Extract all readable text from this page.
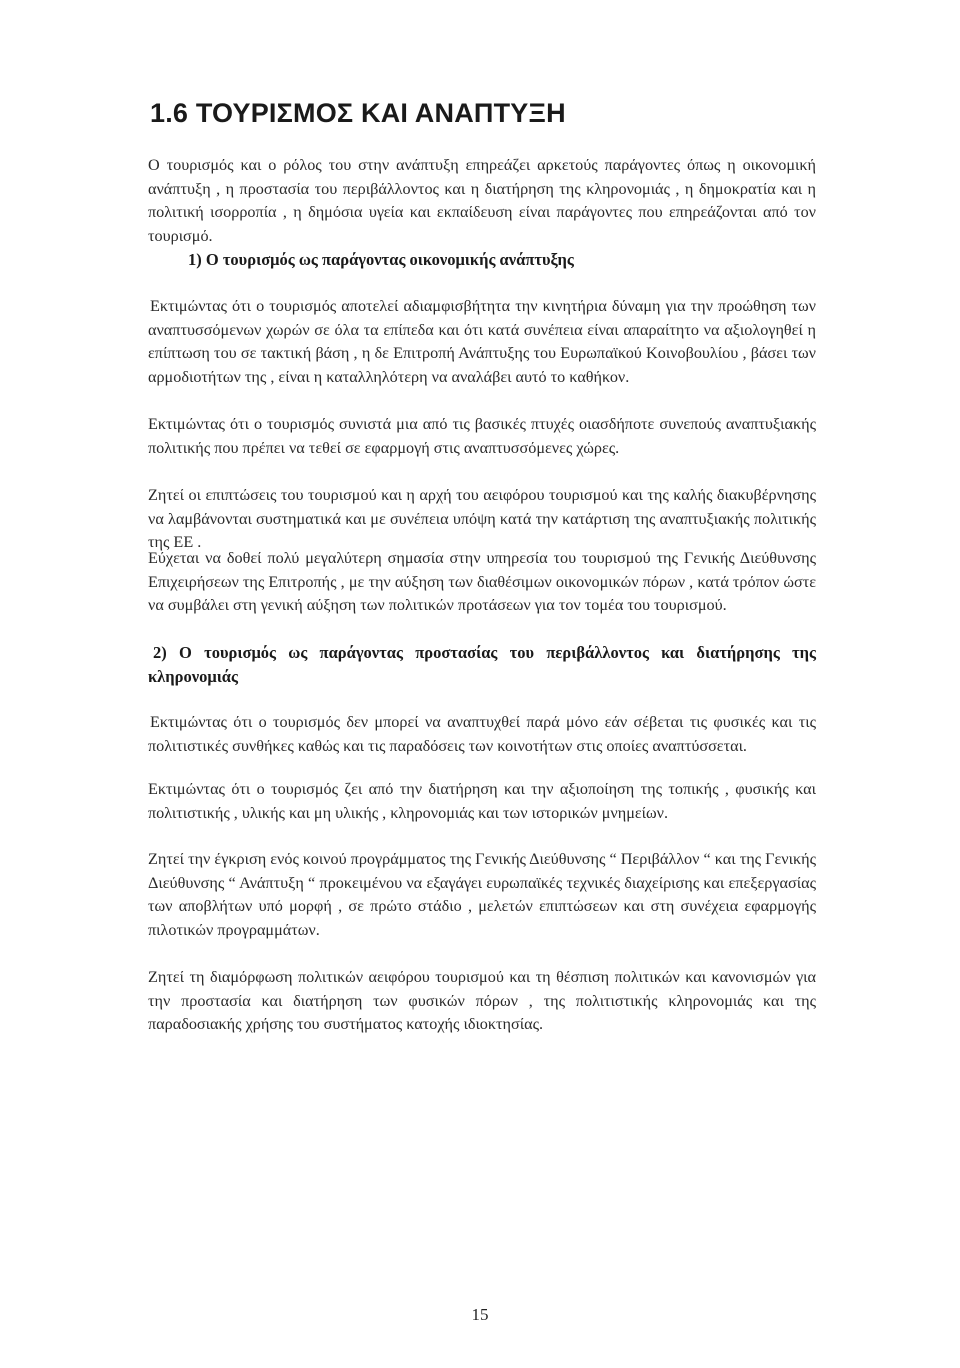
1.6 ΤΟΥΡΙΣΜΟΣ ΚΑΙ ΑΝΑΠΤΥΞΗ

Ο τουρισμός και ο ρόλος του στην ανάπτυξη επηρεάζει αρκετούς παράγοντες όπως η οικονομική ανάπτυξη , η προστασία του περιβάλλοντος και η διατήρηση της κληρονομιάς , η δημοκρατία και η πολιτική ισορροπία , η δημόσια υγεία και εκπαίδευση είναι παράγοντες που επηρεάζονται από τον τουρισμό.

1) Ο τουρισμός ως παράγοντας οικονομικής ανάπτυξης

Εκτιμώντας ότι ο τουρισμός αποτελεί αδιαμφισβήτητα την κινητήρια δύναμη για την προώθηση των αναπτυσσόμενων χωρών σε όλα τα επίπεδα και ότι κατά συνέπεια είναι απαραίτητο να αξιολογηθεί η επίπτωση του σε τακτική βάση , η δε Επιτροπή Ανάπτυξης του Ευρωπαϊκού Κοινοβουλίου , βάσει των αρμοδιοτήτων της , είναι η καταλληλότερη να αναλάβει αυτό το καθήκον.

Εκτιμώντας ότι ο τουρισμός συνιστά μια από τις βασικές πτυχές οιασδήποτε συνεπούς αναπτυξιακής πολιτικής που πρέπει να τεθεί σε εφαρμογή στις αναπτυσσόμενες χώρες.

Ζητεί οι επιπτώσεις του τουρισμού και η αρχή του αειφόρου τουρισμού και της καλής διακυβέρνησης να λαμβάνονται συστηματικά και με συνέπεια υπόψη κατά την κατάρτιση της αναπτυξιακής πολιτικής της ΕΕ .

Εύχεται να δοθεί πολύ μεγαλύτερη σημασία στην υπηρεσία του τουρισμού της Γενικής Διεύθυνσης Επιχειρήσεων της Επιτροπής , με την αύξηση των διαθέσιμων οικονομικών πόρων , κατά τρόπον ώστε να συμβάλει στη γενική αύξηση των πολιτικών προτάσεων για τον τομέα του τουρισμού.

2) Ο τουρισμός ως παράγοντας προστασίας του περιβάλλοντος και διατήρησης της κληρονομιάς

Εκτιμώντας ότι ο τουρισμός δεν μπορεί να αναπτυχθεί παρά μόνο εάν σέβεται τις φυσικές και τις πολιτιστικές συνθήκες καθώς και τις παραδόσεις των κοινοτήτων στις οποίες αναπτύσσεται.

Εκτιμώντας ότι ο τουρισμός ζει από την διατήρηση και την αξιοποίηση της τοπικής , φυσικής και πολιτιστικής , υλικής και μη υλικής , κληρονομιάς και των ιστορικών μνημείων.

Ζητεί την έγκριση ενός κοινού προγράμματος της Γενικής Διεύθυνσης “ Περιβάλλον “ και της Γενικής Διεύθυνσης “ Ανάπτυξη “ προκειμένου να εξαγάγει ευρωπαϊκές τεχνικές διαχείρισης και επεξεργασίας των αποβλήτων υπό μορφή , σε πρώτο στάδιο , μελετών επιπτώσεων και στη συνέχεια εφαρμογής πιλοτικών προγραμμάτων.

Ζητεί τη διαμόρφωση πολιτικών αειφόρου τουρισμού και τη θέσπιση πολιτικών και κανονισμών για την προστασία και διατήρηση των φυσικών πόρων , της πολιτιστικής κληρονομιάς και της παραδοσιακής χρήσης του συστήματος κατοχής ιδιοκτησίας.

15
